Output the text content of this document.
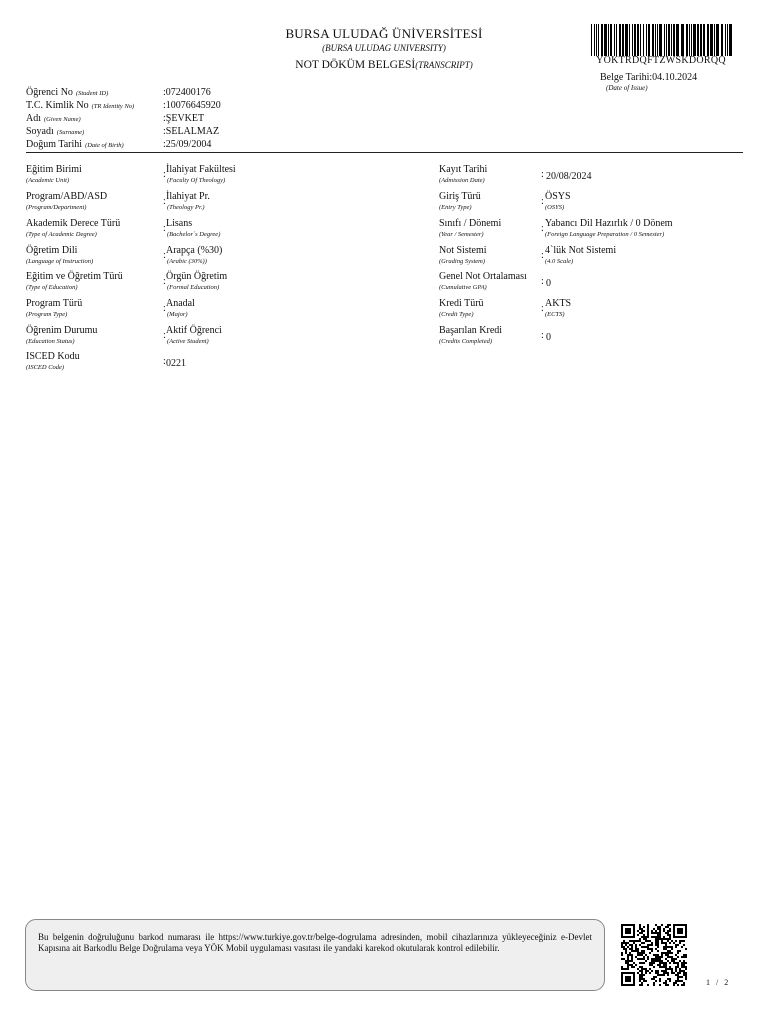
BURSA ULUDAĞ ÜNİVERSİTESİ
(BURSA ULUDAG UNIVERSITY)
NOT DÖKÜM BELGESİ(TRANSCRIPT)	YOKTRDQFTZWSKDORQQ
Belge Tarihi:04.10.2024
(Date of Issue)
Öğrenci No (Student ID)	:072400176
T.C. Kimlik No (TR Identity No)	:10076645920
Adı (Given Name)	:ŞEVKET
Soyadı (Surname)	:SELALMAZ
Doğum Tarihi (Date of Birth)	:25/09/2004
Eğitim Birimi
(Academic Unit)
: İlahiyat Fakültesi
(Faculty Of Theology)
Program/ABD/ASD
(Program/Department)
: İlahiyat Pr.
(Theology Pr.)
Akademik Derece Türü
(Type of Academic Degree)
: Lisans
(Bachelor´s Degree)
Öğretim Dili
(Language of Instruction)
: Arapça (%30)
(Arabic (30%))
Eğitim ve Öğretim Türü
(Type of Education)
: Örgün Öğretim
(Formal Education)
Program Türü
(Program Type)
: Anadal
(Major)
Öğrenim Durumu
(Education Status)
: Aktif Öğrenci
(Active Student)
ISCED Kodu
(ISCED Code)
: 0221
Kayıt Tarihi
(Admission Date)
: 20/08/2024
Giriş Türü
(Entry Type)
: ÖSYS
(OSYS)
Sınıfı / Dönemi
(Year / Semester)
: Yabancı Dil Hazırlık / 0 Dönem
(Foreign Language Preparation / 0 Semester)
Not Sistemi
(Grading System)
: 4`lük Not Sistemi
(4.0 Scale)
Genel Not Ortalaması
(Cumulative GPA)
: 0
Kredi Türü
(Credit Type)
: AKTS
(ECTS)
Başarılan Kredi
(Credits Completed)
: 0
Bu belgenin doğruluğunu barkod numarası ile https://www.turkiye.gov.tr/belge-dogrulama adresinden, mobil cihazlarınıza yükleyeceğiniz e-Devlet Kapısına ait Barkodlu Belge Doğrulama veya YÖK Mobil uygulaması vasıtası ile yandaki karekod okutularak kontrol edilebilir.
1 / 2
